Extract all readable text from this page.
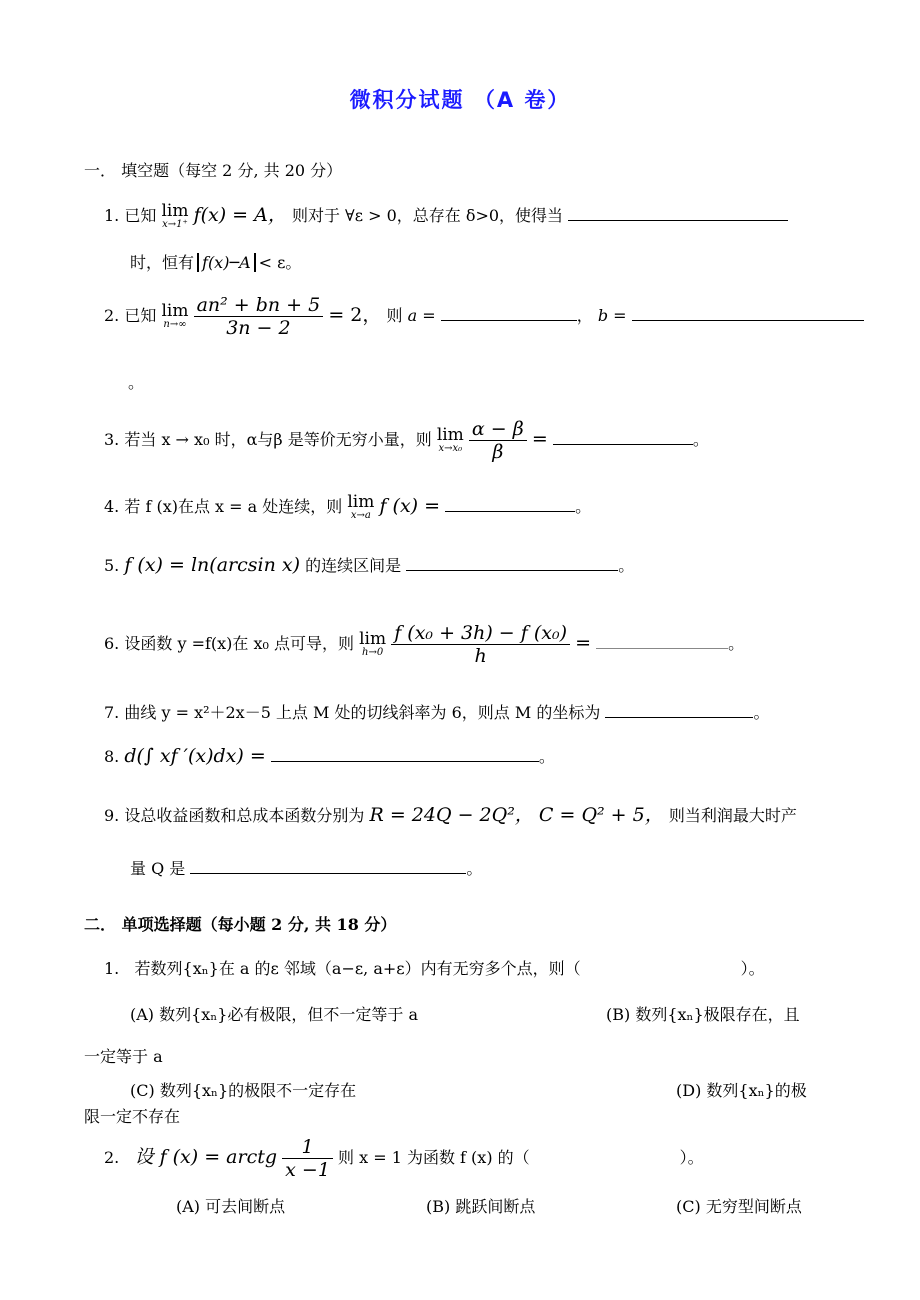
微积分试题 （A 卷）
一． 填空题（每空 2 分, 共 20 分）
1. 已知 lim
x→1⁺ f(x) = A， 则对于 ∀ε > 0，总存在 δ>0，使得当
时，恒有 f(x)─A < ε。
2. 已知 lim
n→∞
$\frac{\text{an² + bn + 5}}{3n - 2} = 2$， 则 a =	， b =
。
3. 若当 x → x₀ 时，α与β 是等价无穷小量，则 lim
x→x₀
$\frac{\alpha - \beta}{\beta}$ =	。
4. 若 f (x)在点 x = a 处连续，则 lim
x→a f (x) =	。
5. f (x) = ln(arcsin x) 的连续区间是	。
6. 设函数 y =f(x)在 x₀ 点可导，则 lim
h→0
$\frac{\text{f (x₀ + 3h) − f (x₀)}}{h}$ =	。
7. 曲线 y = x²＋2x－5 上点 M 处的切线斜率为 6，则点 M 的坐标为	。
8. d(∫ xf ′(x)dx) =	。
9. 设总收益函数和总成本函数分别为 R = 24Q − 2Q²， C = Q² + 5， 则当利润最大时产
量 Q 是	。
二． 单项选择题（每小题 2 分, 共 18 分）
1. 若数列{xₙ}在 a 的ε 邻域（a−ε, a+ε）内有无穷多个点，则（	）。
(A) 数列{xₙ}必有极限，但不一定等于 a	(B) 数列{xₙ}极限存在，且
一定等于 a
(C) 数列{xₙ}的极限不一定存在	(D) 数列{xₙ}的极
限一定不存在
2. 设 f (x) = arctg $\frac{1}{x -1}$ 则 x = 1 为函数 f (x) 的（	）。
(A) 可去间断点	(B) 跳跃间断点	(C) 无穷型间断点
